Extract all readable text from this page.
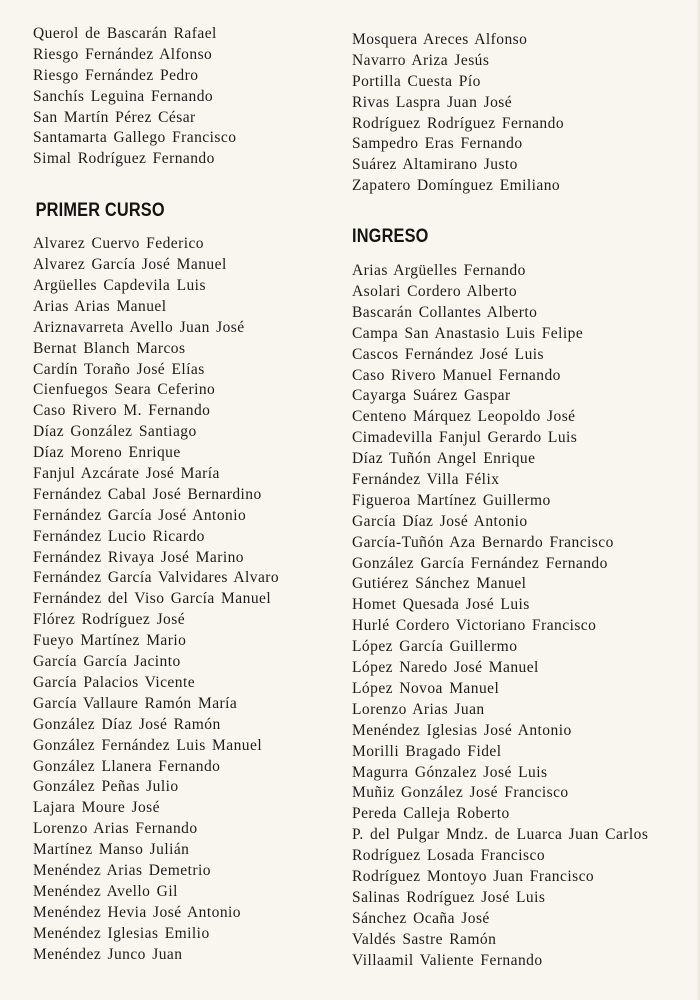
Querol de Bascarán Rafael
Riesgo Fernández Alfonso
Riesgo Fernández Pedro
Sanchís Leguina Fernando
San Martín Pérez César
Santamarta Gallego Francisco
Simal Rodríguez Fernando
PRIMER CURSO
Alvarez Cuervo Federico
Alvarez García José Manuel
Argüelles Capdevila Luis
Arias Arias Manuel
Ariznavarreta Avello Juan José
Bernat Blanch Marcos
Cardín Toraño José Elías
Cienfuegos Seara Ceferino
Caso Rivero M. Fernando
Díaz González Santiago
Díaz Moreno Enrique
Fanjul Azcárate José María
Fernández Cabal José Bernardino
Fernández García José Antonio
Fernández Lucio Ricardo
Fernández Rivaya José Marino
Fernández García Valvidares Alvaro
Fernández del Viso García Manuel
Flórez Rodríguez José
Fueyo Martínez Mario
García García Jacinto
García Palacios Vicente
García Vallaure Ramón María
González Díaz José Ramón
González Fernández Luis Manuel
González Llanera Fernando
González Peñas Julio
Lajara Moure José
Lorenzo Arias Fernando
Martínez Manso Julián
Menéndez Arias Demetrio
Menéndez Avello Gil
Menéndez Hevia José Antonio
Menéndez Iglesias Emilio
Menéndez Junco Juan
Mosquera Areces Alfonso
Navarro Ariza Jesús
Portilla Cuesta Pío
Rivas Laspra Juan José
Rodríguez Rodríguez Fernando
Sampedro Eras Fernando
Suárez Altamirano Justo
Zapatero Domínguez Emiliano
INGRESO
Arias Argüelles Fernando
Asolari Cordero Alberto
Bascarán Collantes Alberto
Campa San Anastasio Luis Felipe
Cascos Fernández José Luis
Caso Rivero Manuel Fernando
Cayarga Suárez Gaspar
Centeno Márquez Leopoldo José
Cimadevilla Fanjul Gerardo Luis
Díaz Tuñón Angel Enrique
Fernández Villa Félix
Figueroa Martínez Guillermo
García Díaz José Antonio
García-Tuñón Aza Bernardo Francisco
González García Fernández Fernando
Gutiérez Sánchez Manuel
Homet Quesada José Luis
Hurlé Cordero Victoriano Francisco
López García Guillermo
López Naredo José Manuel
López Novoa Manuel
Lorenzo Arias Juan
Menéndez Iglesias José Antonio
Morilli Bragado Fidel
Magurra Gónzalez José Luis
Muñiz González José Francisco
Pereda Calleja Roberto
P. del Pulgar Mndz. de Luarca Juan Carlos
Rodríguez Losada Francisco
Rodríguez Montoyo Juan Francisco
Salinas Rodríguez José Luis
Sánchez Ocaña José
Valdés Sastre Ramón
Villaamil Valiente Fernando
